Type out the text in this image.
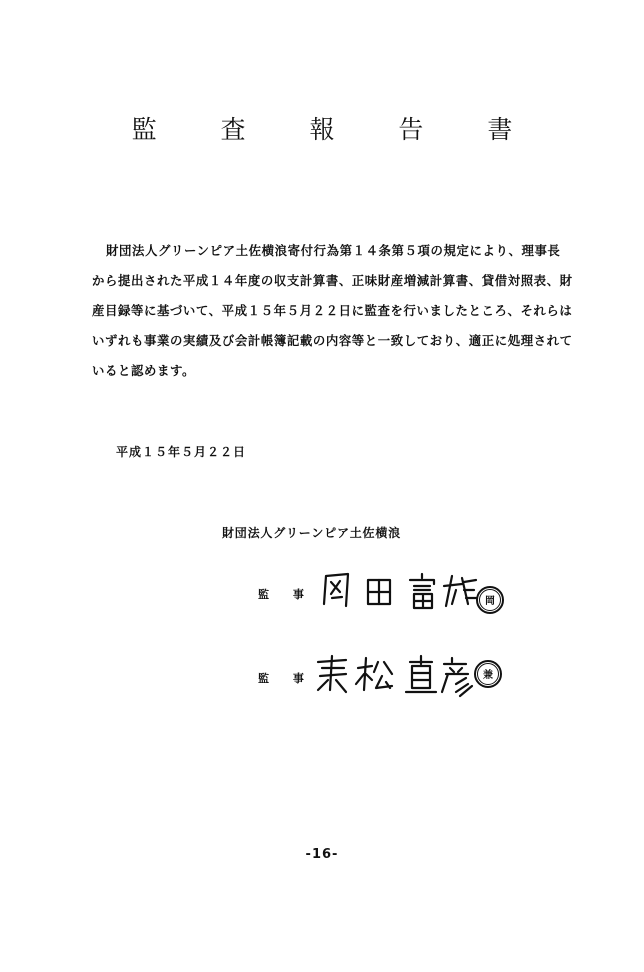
監 査 報 告 書
財団法人グリーンピア土佐横浪寄付行為第１４条第５項の規定により、理事長
から提出された平成１４年度の収支計算書、正味財産増減計算書、貸借対照表、財
産目録等に基づいて、平成１５年５月２２日に監査を行いましたところ、それらは
いずれも事業の実績及び会計帳簿記載の内容等と一致しており、適正に処理されて
いると認めます。
平成１５年５月２２日
財団法人グリーンピア土佐横浪
監 事
岡
監 事	兼
-16-
